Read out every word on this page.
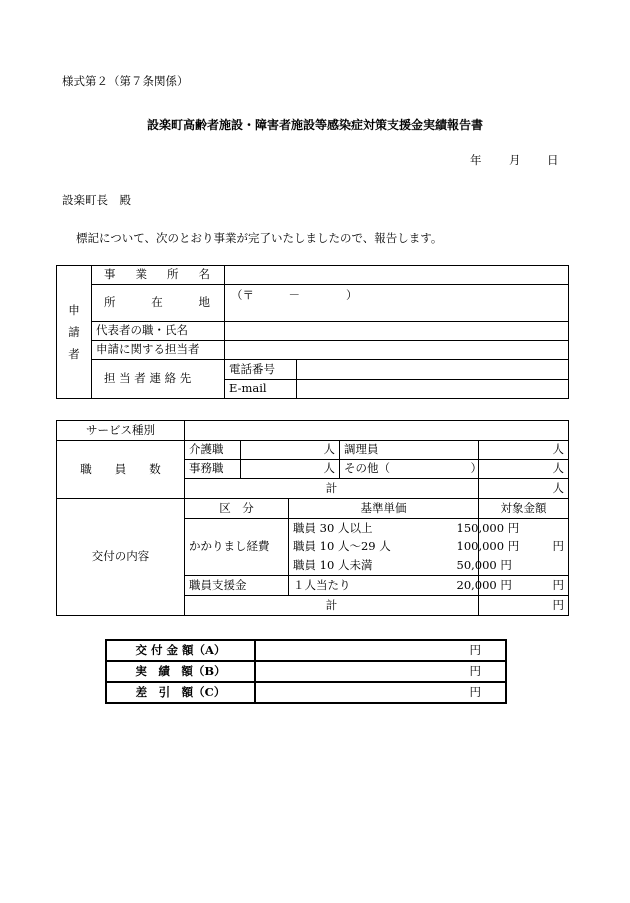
様式第２（第７条関係）
設楽町高齢者施設・障害者施設等感染症対策支援金実績報告書
年 月 日
設楽町長　殿
標記について、次のとおり事業が完了いたしましたので、報告します。
申
請
者	事　業　所　名		

	所　　在　　地	（〒　　　－　　　　）	
	代表者の職・氏名		
	申請に関する担当者		
	担 当 者 連 絡 先	電話番号	
		E-mail	
サービス種別						
職　　員　　数	介護職	人		調理員		人
	事務職	人		その他（　　　　　　　）		人
	計					人
交付の内容	区　分		基準単価			対象金額
	かかりまし経費		職員 30 人以上		150,000 円	円
			職員 10 人～29 人		100,000 円	
			職員 10 人未満		50,000 円	
	職員支援金		１人当たり		20,000 円	円
	計					円
交 付 金 額（A）	円
実　績　額（B）	円
差　引　額（C）	円
